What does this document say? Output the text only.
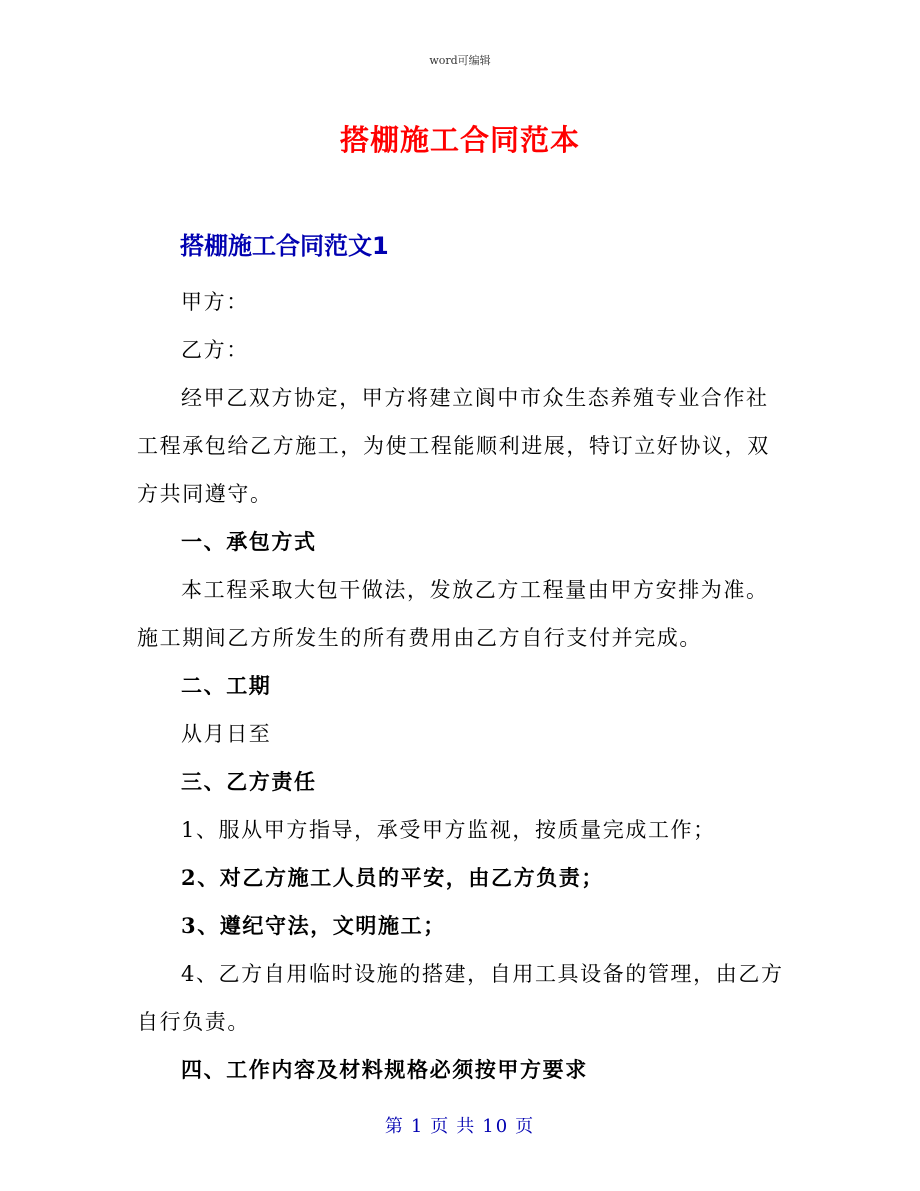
word可编辑
搭棚施工合同范本
搭棚施工合同范文1

甲方：

乙方：

经甲乙双方协定，甲方将建立阆中市众生态养殖专业合作社工程承包给乙方施工，为使工程能顺利进展，特订立好协议，双方共同遵守。

一、承包方式

本工程采取大包干做法，发放乙方工程量由甲方安排为准。施工期间乙方所发生的所有费用由乙方自行支付并完成。

二、工期

从月日至

三、乙方责任

1、服从甲方指导，承受甲方监视，按质量完成工作；

2、对乙方施工人员的平安，由乙方负责；

3、遵纪守法，文明施工；

4、乙方自用临时设施的搭建，自用工具设备的管理，由乙方自行负责。

四、工作内容及材料规格必须按甲方要求

第 1 页 共 10 页
